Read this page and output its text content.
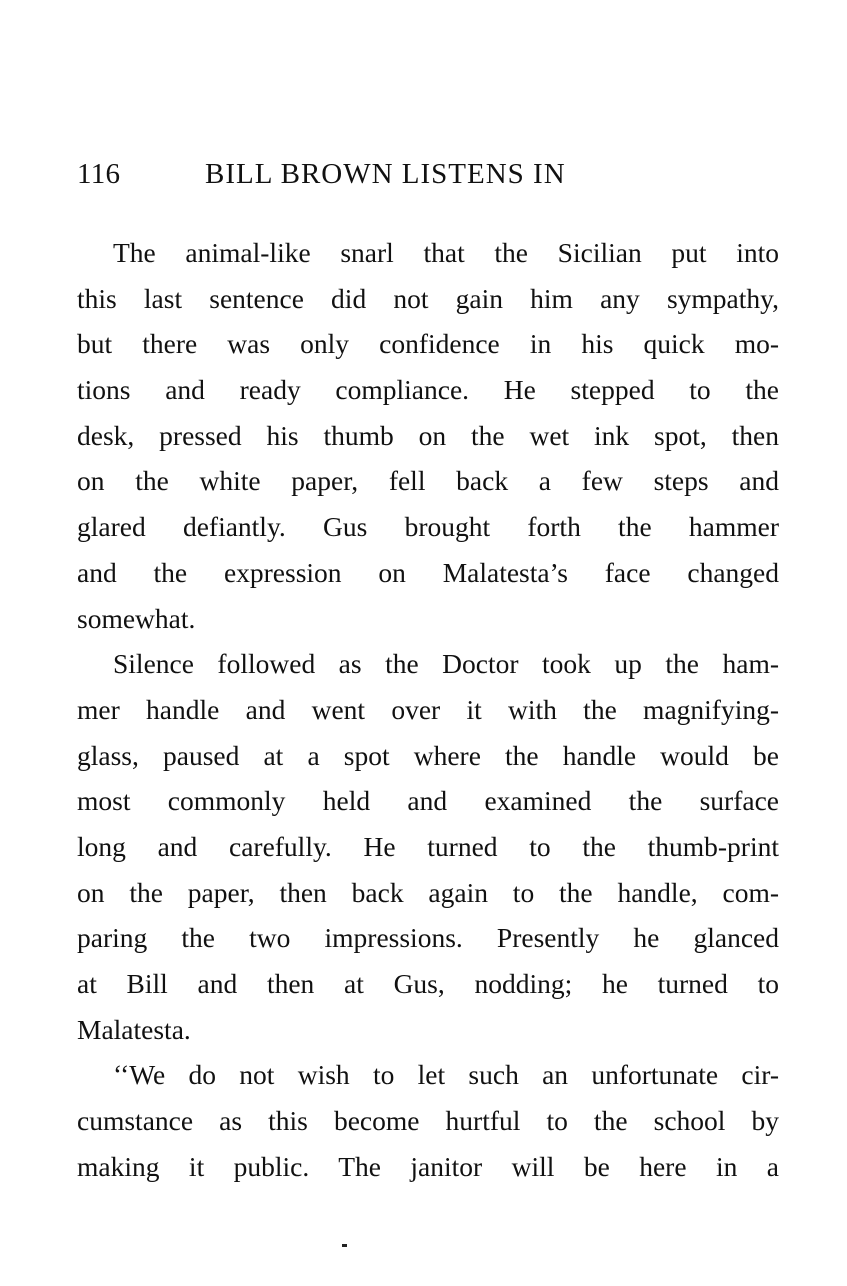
116	BILL BROWN LISTENS IN
The animal-like snarl that the Sicilian put into
this last sentence did not gain him any sympathy,
but there was only confidence in his quick mo-
tions and ready compliance. He stepped to the
desk, pressed his thumb on the wet ink spot, then
on the white paper, fell back a few steps and
glared defiantly. Gus brought forth the hammer
and the expression on Malatesta’s face changed
somewhat.
Silence followed as the Doctor took up the ham-
mer handle and went over it with the magnifying-
glass, paused at a spot where the handle would be
most commonly held and examined the surface
long and carefully. He turned to the thumb-print
on the paper, then back again to the handle, com-
paring the two impressions. Presently he glanced
at Bill and then at Gus, nodding; he turned to
Malatesta.
‘‘We do not wish to let such an unfortunate cir-
cumstance as this become hurtful to the school by
making it public. The janitor will be here in a
